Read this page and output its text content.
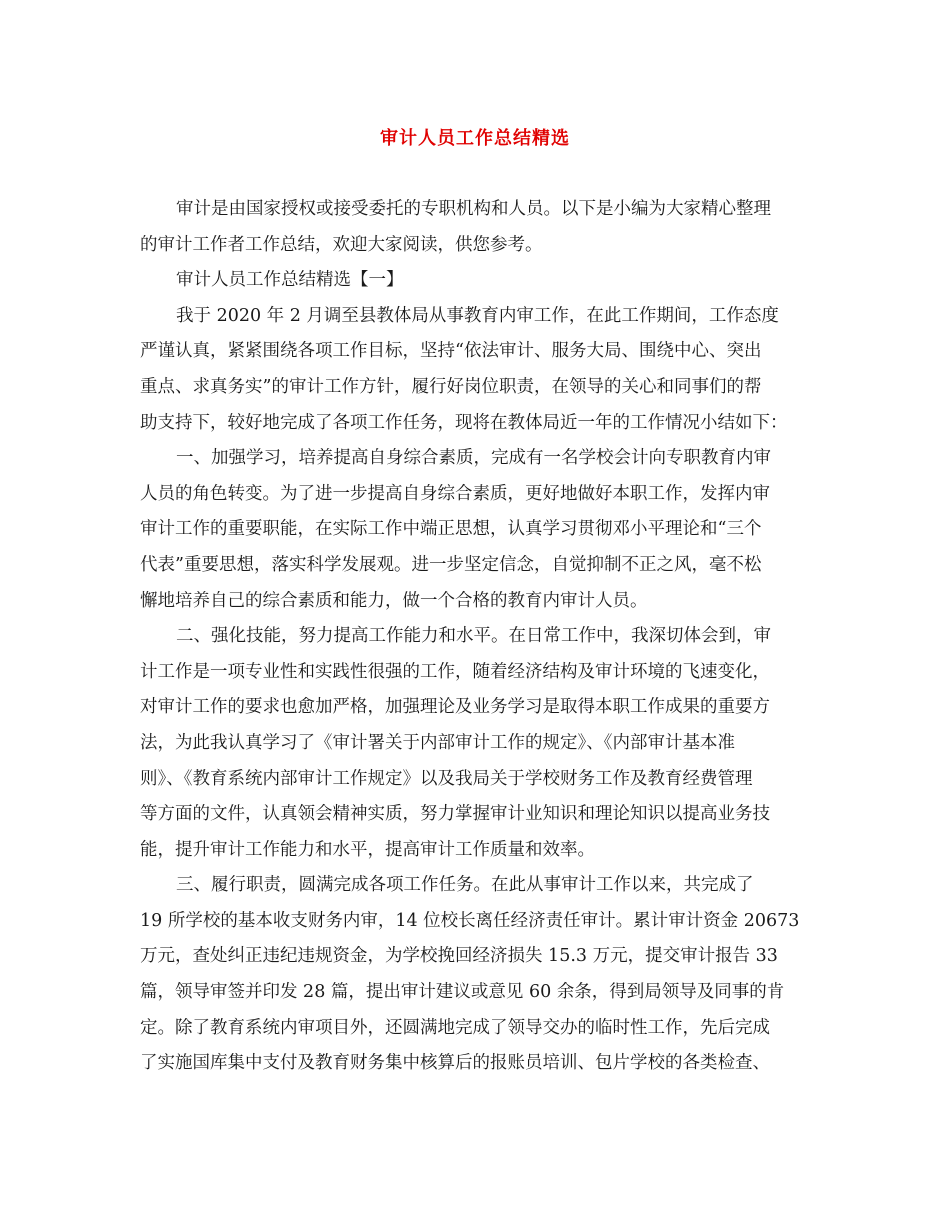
审计人员工作总结精选
审计是由国家授权或接受委托的专职机构和人员。以下是小编为大家精心整理
的审计工作者工作总结，欢迎大家阅读，供您参考。
审计人员工作总结精选【一】
我于 2020 年 2 月调至县教体局从事教育内审工作，在此工作期间，工作态度
严谨认真，紧紧围绕各项工作目标，坚持“依法审计、服务大局、围绕中心、突出
重点、求真务实”的审计工作方针，履行好岗位职责，在领导的关心和同事们的帮
助支持下，较好地完成了各项工作任务，现将在教体局近一年的工作情况小结如下：
一、加强学习，培养提高自身综合素质，完成有一名学校会计向专职教育内审
人员的角色转变。为了进一步提高自身综合素质，更好地做好本职工作，发挥内审
审计工作的重要职能，在实际工作中端正思想，认真学习贯彻邓小平理论和“三个
代表”重要思想，落实科学发展观。进一步坚定信念，自觉抑制不正之风，毫不松
懈地培养自己的综合素质和能力，做一个合格的教育内审计人员。
二、强化技能，努力提高工作能力和水平。在日常工作中，我深切体会到，审
计工作是一项专业性和实践性很强的工作，随着经济结构及审计环境的飞速变化，
对审计工作的要求也愈加严格，加强理论及业务学习是取得本职工作成果的重要方
法，为此我认真学习了《审计署关于内部审计工作的规定》、《内部审计基本准
则》、《教育系统内部审计工作规定》以及我局关于学校财务工作及教育经费管理
等方面的文件，认真领会精神实质，努力掌握审计业知识和理论知识以提高业务技
能，提升审计工作能力和水平，提高审计工作质量和效率。
三、履行职责，圆满完成各项工作任务。在此从事审计工作以来，共完成了
19 所学校的基本收支财务内审，14 位校长离任经济责任审计。累计审计资金 20673
万元，查处纠正违纪违规资金，为学校挽回经济损失 15.3 万元，提交审计报告 33
篇，领导审签并印发 28 篇，提出审计建议或意见 60 余条，得到局领导及同事的肯
定。除了教育系统内审项目外，还圆满地完成了领导交办的临时性工作，先后完成
了实施国库集中支付及教育财务集中核算后的报账员培训、包片学校的各类检查、
